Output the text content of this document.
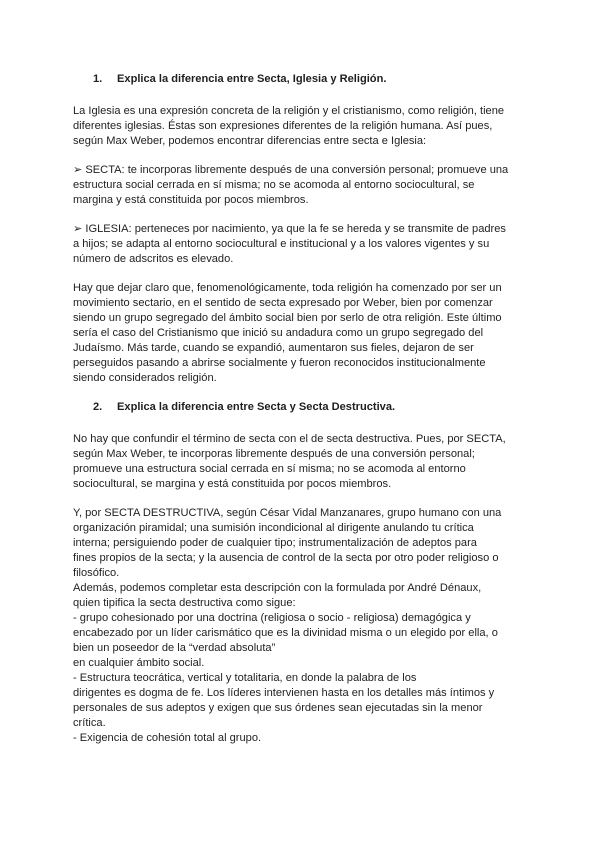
1. Explica la diferencia entre Secta, Iglesia y Religión.

La Iglesia es una expresión concreta de la religión y el cristianismo, como religión, tiene
diferentes iglesias. Éstas son expresiones diferentes de la religión humana. Así pues,
según Max Weber, podemos encontrar diferencias entre secta e Iglesia:

➢ SECTA: te incorporas libremente después de una conversión personal; promueve una
estructura social cerrada en sí misma; no se acomoda al entorno sociocultural, se
margina y está constituida por pocos miembros.

➢ IGLESIA: perteneces por nacimiento, ya que la fe se hereda y se transmite de padres
a hijos; se adapta al entorno sociocultural e institucional y a los valores vigentes y su
número de adscritos es elevado.

Hay que dejar claro que, fenomenológicamente, toda religión ha comenzado por ser un
movimiento sectario, en el sentido de secta expresado por Weber, bien por comenzar
siendo un grupo segregado del ámbito social bien por serlo de otra religión. Este último
sería el caso del Cristianismo que inició su andadura como un grupo segregado del
Judaísmo. Más tarde, cuando se expandió, aumentaron sus fieles, dejaron de ser
perseguidos pasando a abrirse socialmente y fueron reconocidos institucionalmente
siendo considerados religión.

2. Explica la diferencia entre Secta y Secta Destructiva.

No hay que confundir el término de secta con el de secta destructiva. Pues, por SECTA,
según Max Weber, te incorporas libremente después de una conversión personal;
promueve una estructura social cerrada en sí misma; no se acomoda al entorno
sociocultural, se margina y está constituida por pocos miembros.

Y, por SECTA DESTRUCTIVA, según César Vidal Manzanares, grupo humano con una
organización piramidal; una sumisión incondicional al dirigente anulando tu crítica
interna; persiguiendo poder de cualquier tipo; instrumentalización de adeptos para
fines propios de la secta; y la ausencia de control de la secta por otro poder religioso o
filosófico.
Además, podemos completar esta descripción con la formulada por André Dénaux,
quien tipifica la secta destructiva como sigue:
- grupo cohesionado por una doctrina (religiosa o socio - religiosa) demagógica y
encabezado por un líder carismático que es la divinidad misma o un elegido por ella, o
bien un poseedor de la “verdad absoluta”
en cualquier ámbito social.
- Estructura teocrática, vertical y totalitaria, en donde la palabra de los
dirigentes es dogma de fe. Los líderes intervienen hasta en los detalles más íntimos y
personales de sus adeptos y exigen que sus órdenes sean ejecutadas sin la menor
crítica.
- Exigencia de cohesión total al grupo.
